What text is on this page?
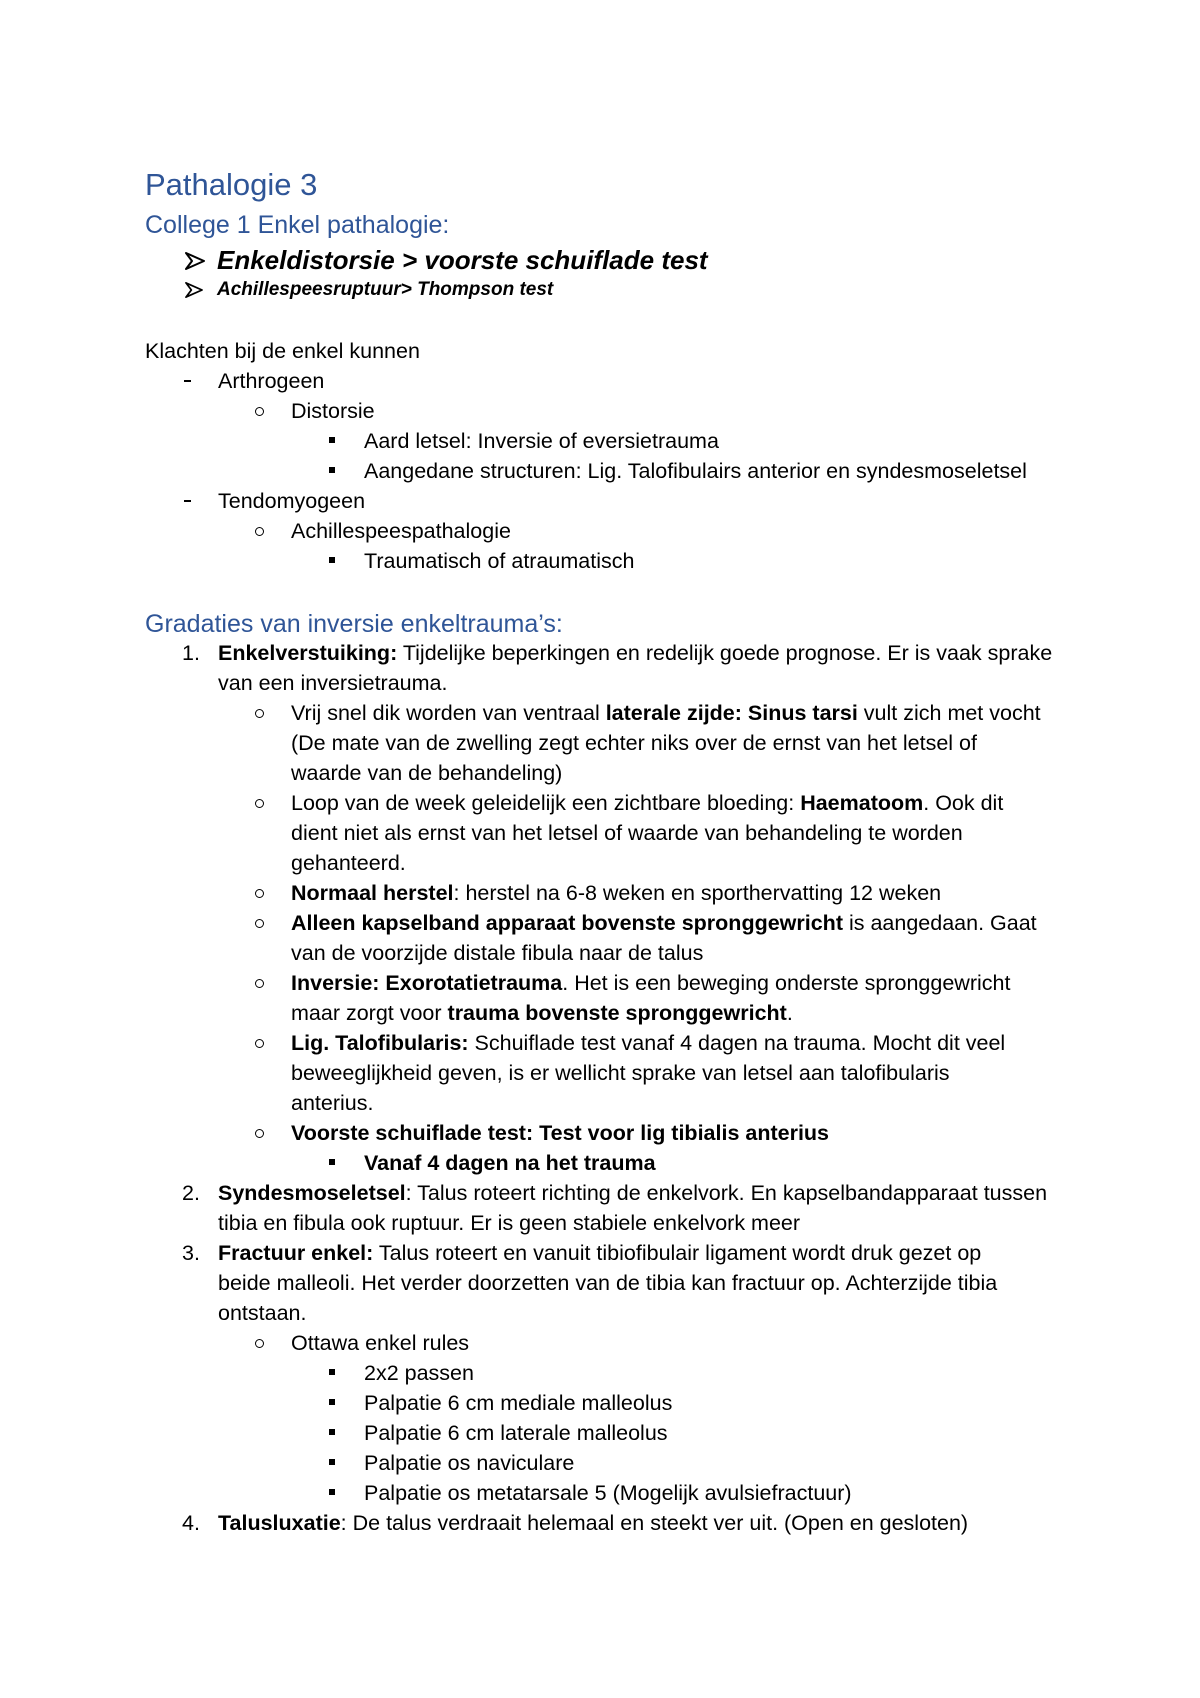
Pathalogie 3
College 1 Enkel pathalogie:
Enkeldistorsie > voorste schuifladе test
Achillespeesruptuur> Thompson test
Klachten bij de enkel kunnen
Arthrogeen
Distorsie
Aard letsel: Inversie of eversietrauma
Aangedane structuren: Lig. Talofibulairs anterior en syndesmoseletsel
Tendomyogeen
Achillespeespathalogie
Traumatisch of atraumatisch
Gradaties van inversie enkeltrauma’s:
1. Enkelverstuiking: Tijdelijke beperkingen en redelijk goede prognose. Er is vaak sprake
van een inversietrauma.
Vrij snel dik worden van ventraal laterale zijde: Sinus tarsi vult zich met vocht
(De mate van de zwelling zegt echter niks over de ernst van het letsel of
waarde van de behandeling)
Loop van de week geleidelijk een zichtbare bloeding: Haematoom. Ook dit
dient niet als ernst van het letsel of waarde van behandeling te worden
gehanteerd.
Normaal herstel: herstel na 6-8 weken en sporthervatting 12 weken
Alleen kapselband apparaat bovenste spronggewricht is aangedaan. Gaat
van de voorzijde distale fibula naar de talus
Inversie: Exorotatietrauma. Het is een beweging onderste spronggewricht
maar zorgt voor trauma bovenste spronggewricht.
Lig. Talofibularis: Schuiflade test vanaf 4 dagen na trauma. Mocht dit veel
beweeglijkheid geven, is er wellicht sprake van letsel aan talofibularis
anterius.
Voorste schuiflade test: Test voor lig tibialis anterius
Vanaf 4 dagen na het trauma
2. Syndesmoseletsel: Talus roteert richting de enkelvork. En kapselbandapparaat tussen
tibia en fibula ook ruptuur. Er is geen stabiele enkelvork meer
3. Fractuur enkel: Talus roteert en vanuit tibiofibulair ligament wordt druk gezet op
beide malleoli. Het verder doorzetten van de tibia kan fractuur op. Achterzijde tibia
ontstaan.
Ottawa enkel rules
2x2 passen
Palpatie 6 cm mediale malleolus
Palpatie 6 cm laterale malleolus
Palpatie os naviculare
Palpatie os metatarsale 5 (Mogelijk avulsiefractuur)
4. Talusluxatie: De talus verdraait helemaal en steekt ver uit. (Open en gesloten)
